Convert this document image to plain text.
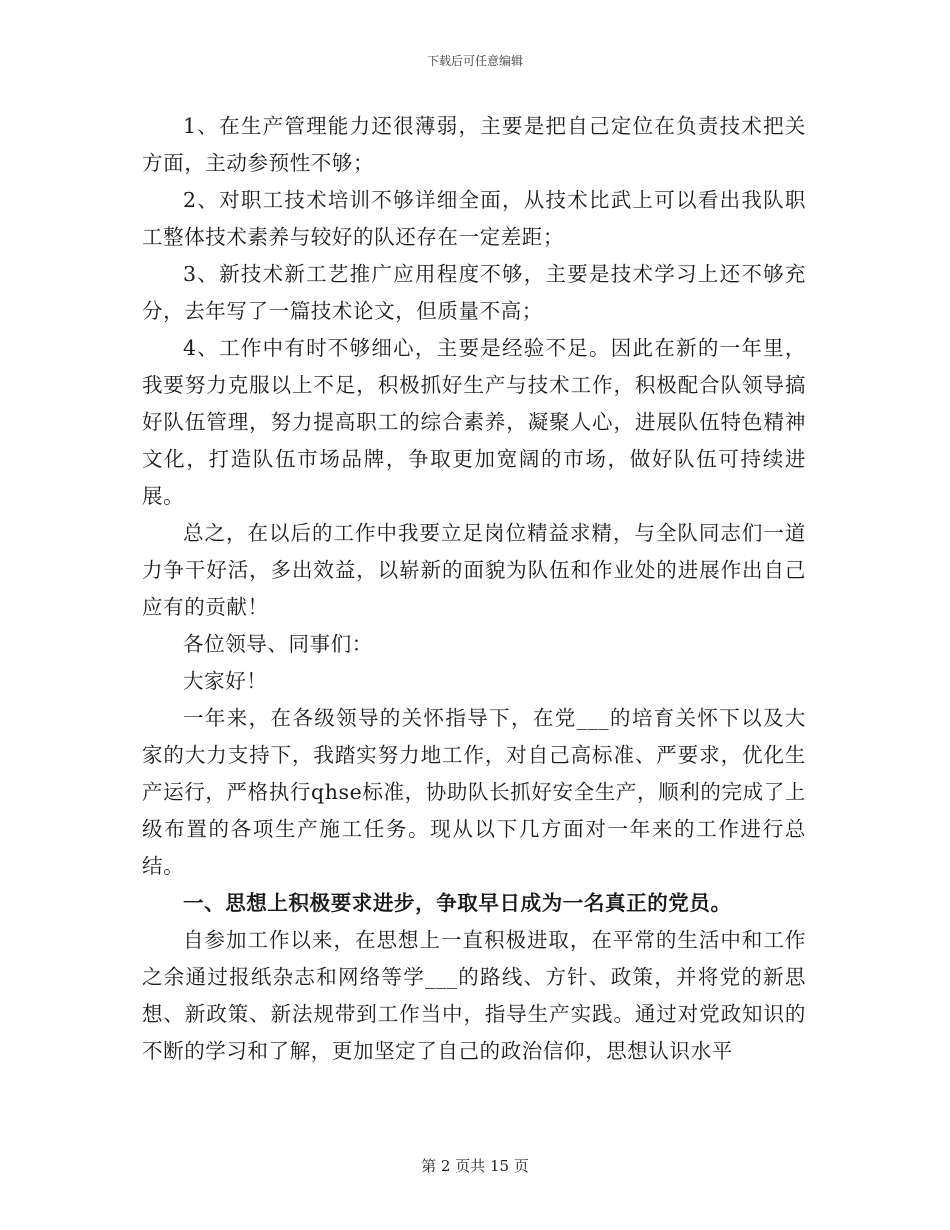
下载后可任意编辑

1、在生产管理能力还很薄弱，主要是把自己定位在负责技术把关方面，主动参预性不够；

2、对职工技术培训不够详细全面，从技术比武上可以看出我队职工整体技术素养与较好的队还存在一定差距；

3、新技术新工艺推广应用程度不够，主要是技术学习上还不够充分，去年写了一篇技术论文，但质量不高；

4、工作中有时不够细心，主要是经验不足。因此在新的一年里，我要努力克服以上不足，积极抓好生产与技术工作，积极配合队领导搞好队伍管理，努力提高职工的综合素养，凝聚人心，进展队伍特色精神文化，打造队伍市场品牌，争取更加宽阔的市场，做好队伍可持续进展。

总之，在以后的工作中我要立足岗位精益求精，与全队同志们一道力争干好活，多出效益，以崭新的面貌为队伍和作业处的进展作出自己应有的贡献！

各位领导、同事们：

大家好！

一年来，在各级领导的关怀指导下，在党___的培育关怀下以及大家的大力支持下，我踏实努力地工作，对自己高标准、严要求，优化生产运行，严格执行qhse标准，协助队长抓好安全生产，顺利的完成了上级布置的各项生产施工任务。现从以下几方面对一年来的工作进行总结。

一、思想上积极要求进步，争取早日成为一名真正的党员。

自参加工作以来，在思想上一直积极进取，在平常的生活中和工作之余通过报纸杂志和网络等学___的路线、方针、政策，并将党的新思想、新政策、新法规带到工作当中，指导生产实践。通过对党政知识的不断的学习和了解，更加坚定了自己的政治信仰，思想认识水平

第 2 页共 15 页
